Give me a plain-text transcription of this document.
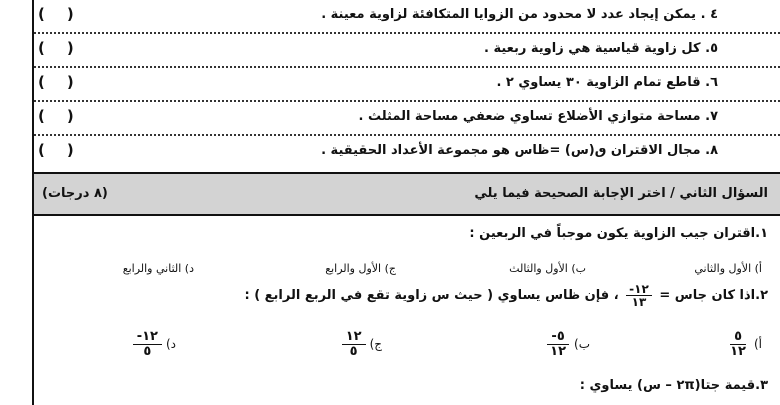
٤ . يمكن إيجاد عدد لا محدود من الزوايا المتكافئة لزاوية معينة .
( )
٥. كل زاوية قياسية هي زاوية ربعية .
( )
٦. قاطع تمام الزاوية ٣٠ يساوي ٢ .
( )
٧. مساحة متوازي الأضلاع تساوي ضعفي مساحة المثلث .
( )
٨. مجال الاقتران ٯ(س) =ظاس هو مجموعة الأعداد الحقيقية .
( )
السؤال الثاني / اختر الإجابة الصحيحة فيما يلي
(٨ درجات)
١.اقتران جيب الزاوية يكون موجباً في الربعين :
أ) الأول والثاني
ب) الأول والثالث
ج) الأول والرابع
د) الثاني والرابع
٢.اذا كان جاس =
$\frac{١٢-}{١٣}$
، فإن ظاس يساوي ( حيث س زاوية تقع في الربع الرابع ) :
أ)
$\frac{٥}{١٢}$
ب)
$\frac{٥-}{١٢}$
ج)
$\frac{١٢}{٥}$
د)
$\frac{١٢-}{٥}$
٣.قيمة جتا(٢π – س) يساوي :
